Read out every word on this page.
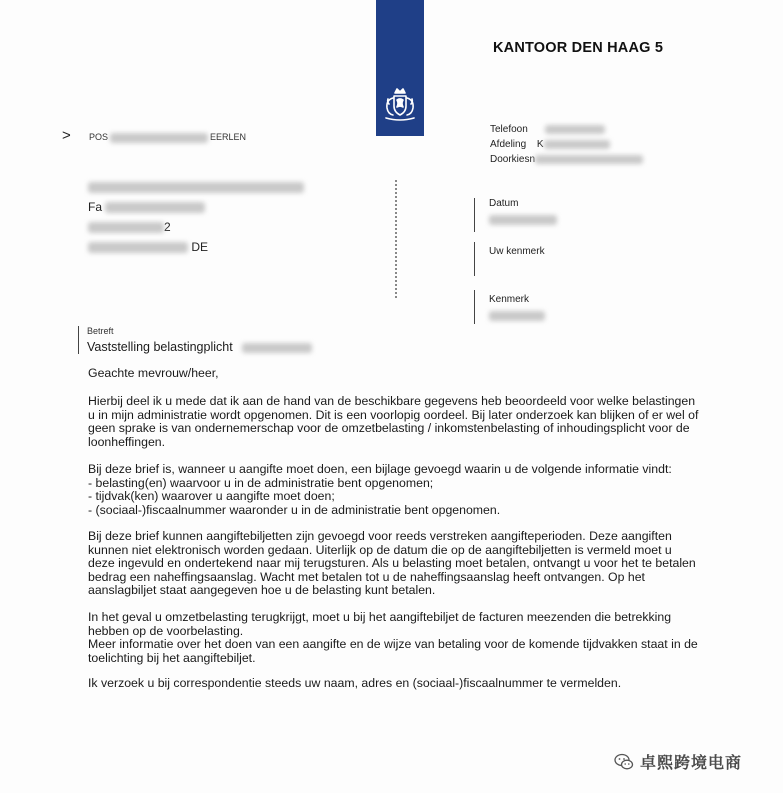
KANTOOR DEN HAAG 5
> POS	EERLEN
Fa
2
DE
Telefoon
Afdeling K
Doorkiesn
Datum
Uw kenmerk
Kenmerk
Betreft
Vaststelling belastingplicht
Geachte mevrouw/heer,

Hierbij deel ik u mede dat ik aan de hand van de beschikbare gegevens heb beoordeeld voor welke belastingen

u in mijn administratie wordt opgenomen. Dit is een voorlopig oordeel. Bij later onderzoek kan blijken of er wel of

geen sprake is van ondernemerschap voor de omzetbelasting / inkomstenbelasting of inhoudingsplicht voor de

loonheffingen.

Bij deze brief is, wanneer u aangifte moet doen, een bijlage gevoegd waarin u de volgende informatie vindt:

- belasting(en) waarvoor u in de administratie bent opgenomen;

- tijdvak(ken) waarover u aangifte moet doen;

- (sociaal-)fiscaalnummer waaronder u in de administratie bent opgenomen.

Bij deze brief kunnen aangiftebiljetten zijn gevoegd voor reeds verstreken aangifteperioden. Deze aangiften

kunnen niet elektronisch worden gedaan. Uiterlijk op de datum die op de aangiftebiljetten is vermeld moet u

deze ingevuld en ondertekend naar mij terugsturen. Als u belasting moet betalen, ontvangt u voor het te betalen

bedrag een naheffingsaanslag. Wacht met betalen tot u de naheffingsaanslag heeft ontvangen. Op het

aanslagbiljet staat aangegeven hoe u de belasting kunt betalen.

In het geval u omzetbelasting terugkrijgt, moet u bij het aangiftebiljet de facturen meezenden die betrekking

hebben op de voorbelasting.

Meer informatie over het doen van een aangifte en de wijze van betaling voor de komende tijdvakken staat in de

toelichting bij het aangiftebiljet.

Ik verzoek u bij correspondentie steeds uw naam, adres en (sociaal-)fiscaalnummer te vermelden.
卓熙跨境电商
